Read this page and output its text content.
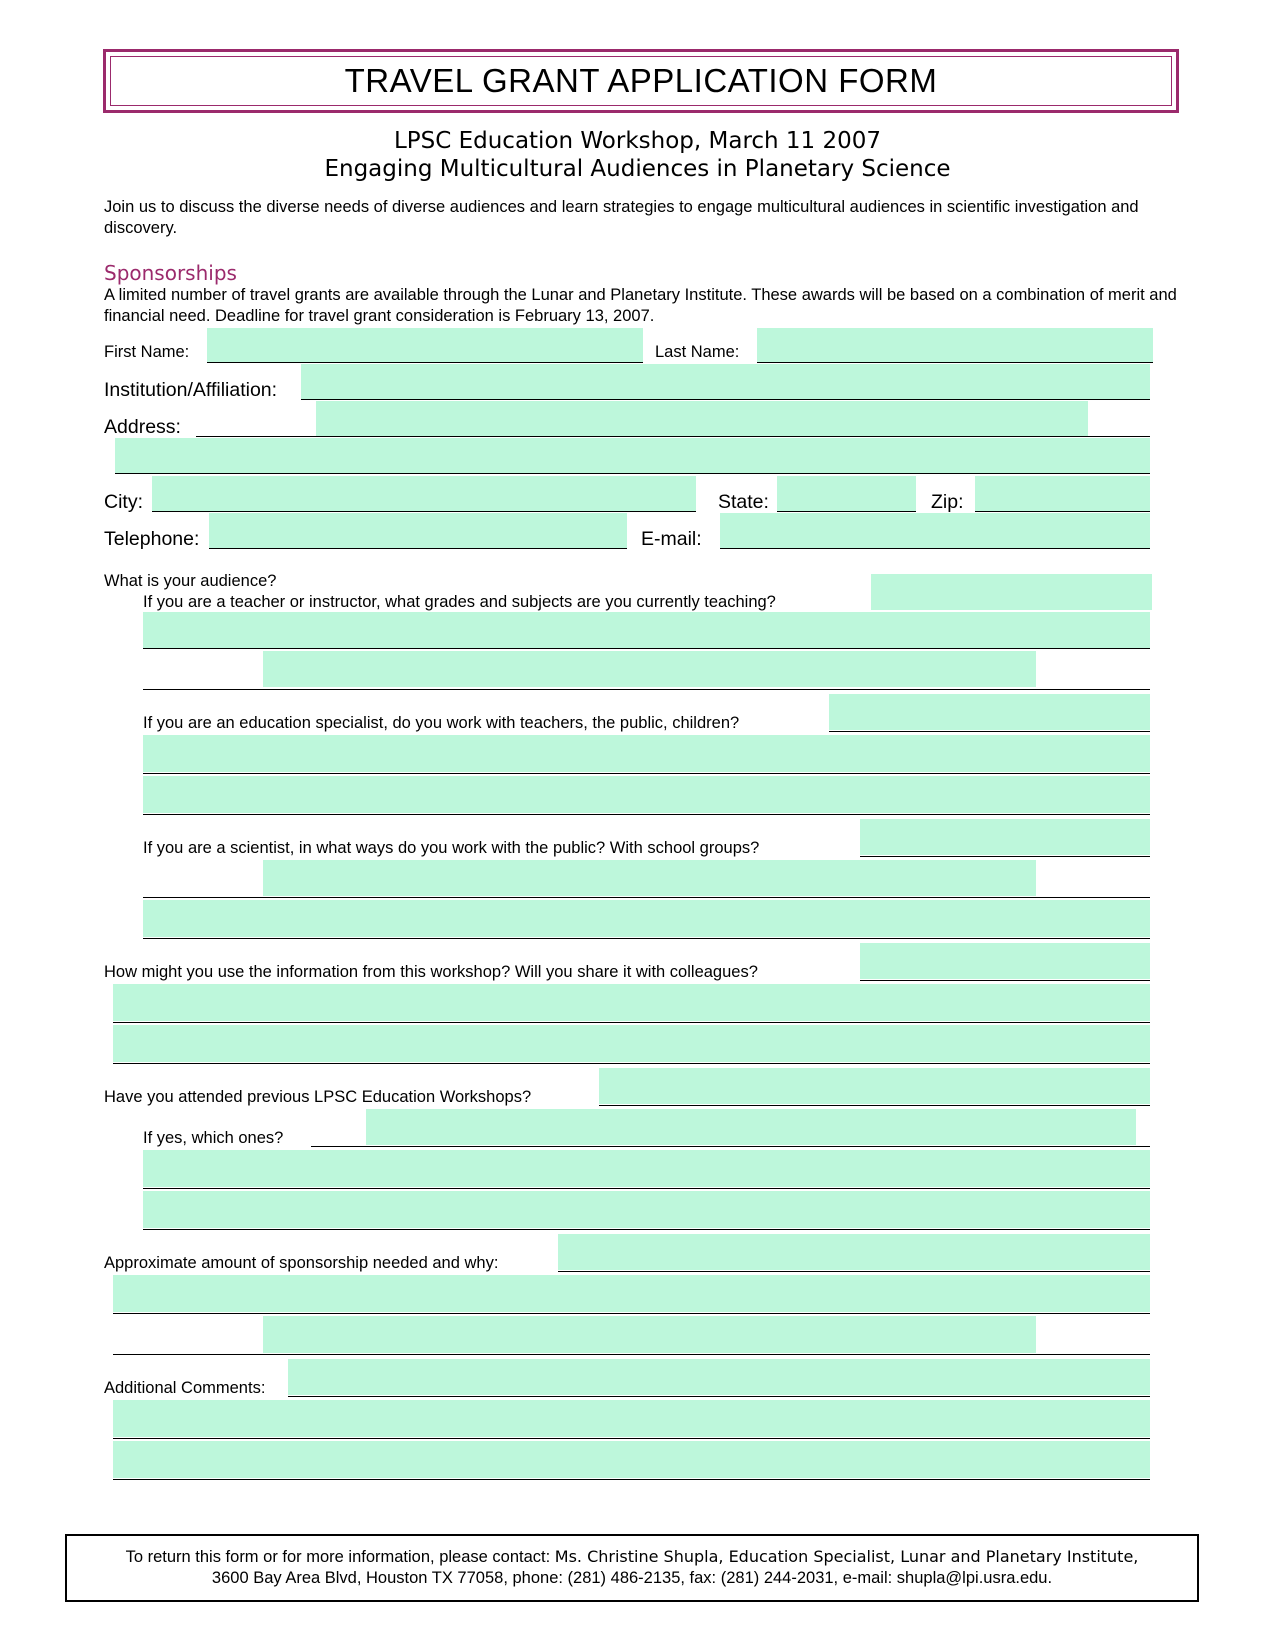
TRAVEL GRANT APPLICATION FORM
LPSC Education Workshop, March 11 2007
Engaging Multicultural Audiences in Planetary Science
Join us to discuss the diverse needs of diverse audiences and learn strategies to engage multicultural audiences in scientific investigation and discovery.
Sponsorships
A limited number of travel grants are available through the Lunar and Planetary Institute. These awards will be based on a combination of merit and financial need. Deadline for travel grant consideration is February 13, 2007.
First Name:	Last Name:
Institution/Affiliation:
Address:
City:	State:	Zip:
Telephone:	E-mail:
What is your audience?
If you are a teacher or instructor, what grades and subjects are you currently teaching?
If you are an education specialist, do you work with teachers, the public, children?
If you are a scientist, in what ways do you work with the public? With school groups?
How might you use the information from this workshop? Will you share it with colleagues?
Have you attended previous LPSC Education Workshops?
If yes, which ones?
Approximate amount of sponsorship needed and why:
Additional Comments:
To return this form or for more information, please contact: Ms. Christine Shupla, Education Specialist, Lunar and Planetary Institute,
3600 Bay Area Blvd, Houston TX 77058, phone: (281) 486-2135, fax: (281) 244-2031, e-mail: shupla@lpi.usra.edu.
